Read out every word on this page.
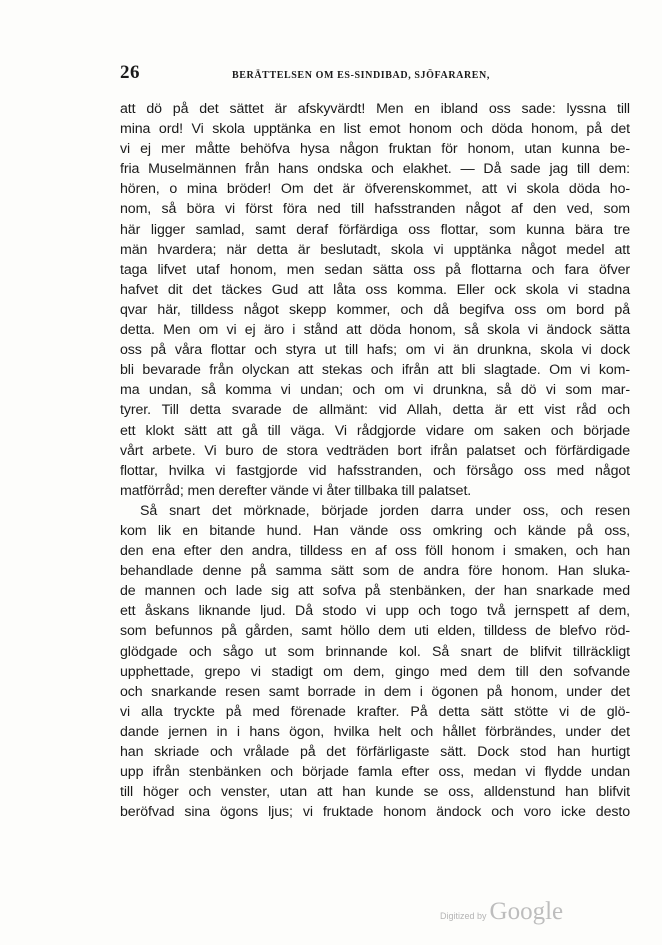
26	BERÄTTELSEN OM ES-SINDIBAD, SJÖFARAREN,
att dö på det sättet är afskyvärdt! Men en ibland oss sade: lyssna till
mina ord! Vi skola upptänka en list emot honom och döda honom, på det
vi ej mer måtte behöfva hysa någon fruktan för honom, utan kunna be-
fria Muselmännen från hans ondska och elakhet. — Då sade jag till dem:
hören, o mina bröder! Om det är öfverenskommet, att vi skola döda ho-
nom, så böra vi först föra ned till hafsstranden något af den ved, som
här ligger samlad, samt deraf förfärdiga oss flottar, som kunna bära tre
män hvardera; när detta är beslutadt, skola vi upptänka något medel att
taga lifvet utaf honom, men sedan sätta oss på flottarna och fara öfver
hafvet dit det täckes Gud att låta oss komma. Eller ock skola vi stadna
qvar här, tilldess något skepp kommer, och då begifva oss om bord på
detta. Men om vi ej äro i stånd att döda honom, så skola vi ändock sätta
oss på våra flottar och styra ut till hafs; om vi än drunkna, skola vi dock
bli bevarade från olyckan att stekas och ifrån att bli slagtade. Om vi kom-
ma undan, så komma vi undan; och om vi drunkna, så dö vi som mar-
tyrer. Till detta svarade de allmänt: vid Allah, detta är ett vist råd och
ett klokt sätt att gå till väga. Vi rådgjorde vidare om saken och började
vårt arbete. Vi buro de stora vedträden bort ifrån palatset och förfärdigade
flottar, hvilka vi fastgjorde vid hafsstranden, och försågo oss med något
matförråd; men derefter vände vi åter tillbaka till palatset.
Så snart det mörknade, började jorden darra under oss, och resen
kom lik en bitande hund. Han vände oss omkring och kände på oss,
den ena efter den andra, tilldess en af oss föll honom i smaken, och han
behandlade denne på samma sätt som de andra före honom. Han sluka-
de mannen och lade sig att sofva på stenbänken, der han snarkade med
ett åskans liknande ljud. Då stodo vi upp och togo två jernspett af dem,
som befunnos på gården, samt höllo dem uti elden, tilldess de blefvo röd-
glödgade och sågo ut som brinnande kol. Så snart de blifvit tillräckligt
upphettade, grepo vi stadigt om dem, gingo med dem till den sofvande
och snarkande resen samt borrade in dem i ögonen på honom, under det
vi alla tryckte på med förenade krafter. På detta sätt stötte vi de glö-
dande jernen in i hans ögon, hvilka helt och hållet förbrändes, under det
han skriade och vrålade på det förfärligaste sätt. Dock stod han hurtigt
upp ifrån stenbänken och började famla efter oss, medan vi flydde undan
till höger och venster, utan att han kunde se oss, alldenstund han blifvit
beröfvad sina ögons ljus; vi fruktade honom ändock och voro icke desto
Digitized by Google
